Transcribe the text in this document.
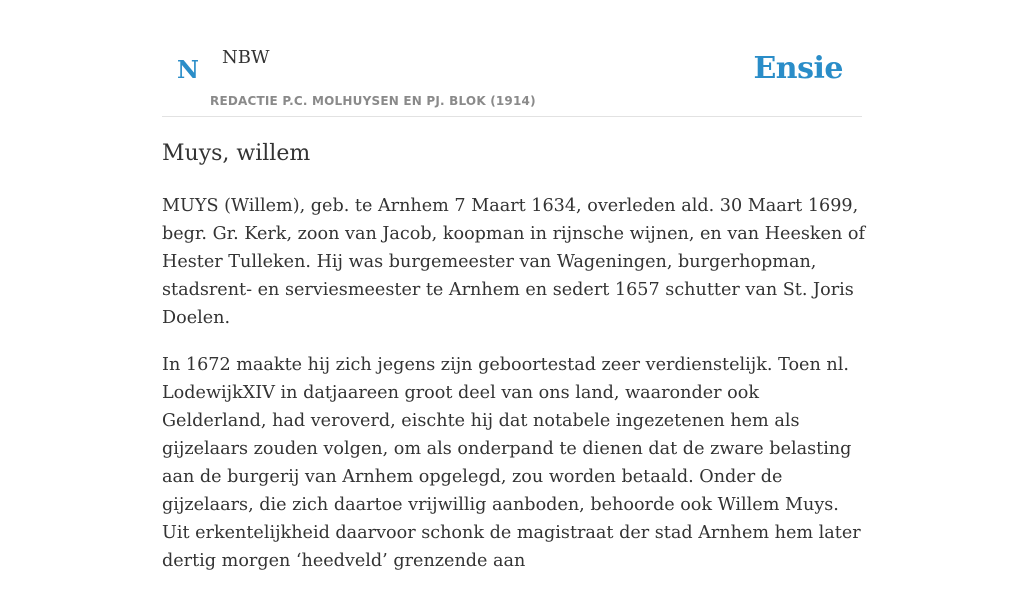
N NBW
REDACTIE P.C. MOLHUYSEN EN PJ. BLOK (1914)
Ensie
Muys, willem

MUYS (Willem), geb. te Arnhem 7 Maart 1634, overleden ald. 30 Maart 1699, begr. Gr. Kerk, zoon van Jacob, koopman in rijnsche wijnen, en van Heesken of Hester Tulleken. Hij was burgemeester van Wageningen, burgerhopman, stadsrent- en serviesmeester te Arnhem en sedert 1657 schutter van St. Joris Doelen.

In 1672 maakte hij zich jegens zijn geboortestad zeer verdienstelijk. Toen nl. LodewijkXIV in datjaareen groot deel van ons land, waaronder ook Gelderland, had veroverd, eischte hij dat notabele ingezetenen hem als gijzelaars zouden volgen, om als onderpand te dienen dat de zware belasting aan de burgerij van Arnhem opgelegd, zou worden betaald. Onder de gijzelaars, die zich daartoe vrijwillig aanboden, behoorde ook Willem Muys. Uit erkentelijkheid daarvoor schonk de magistraat der stad Arnhem hem later dertig morgen ‘heedveld’ grenzende aan
